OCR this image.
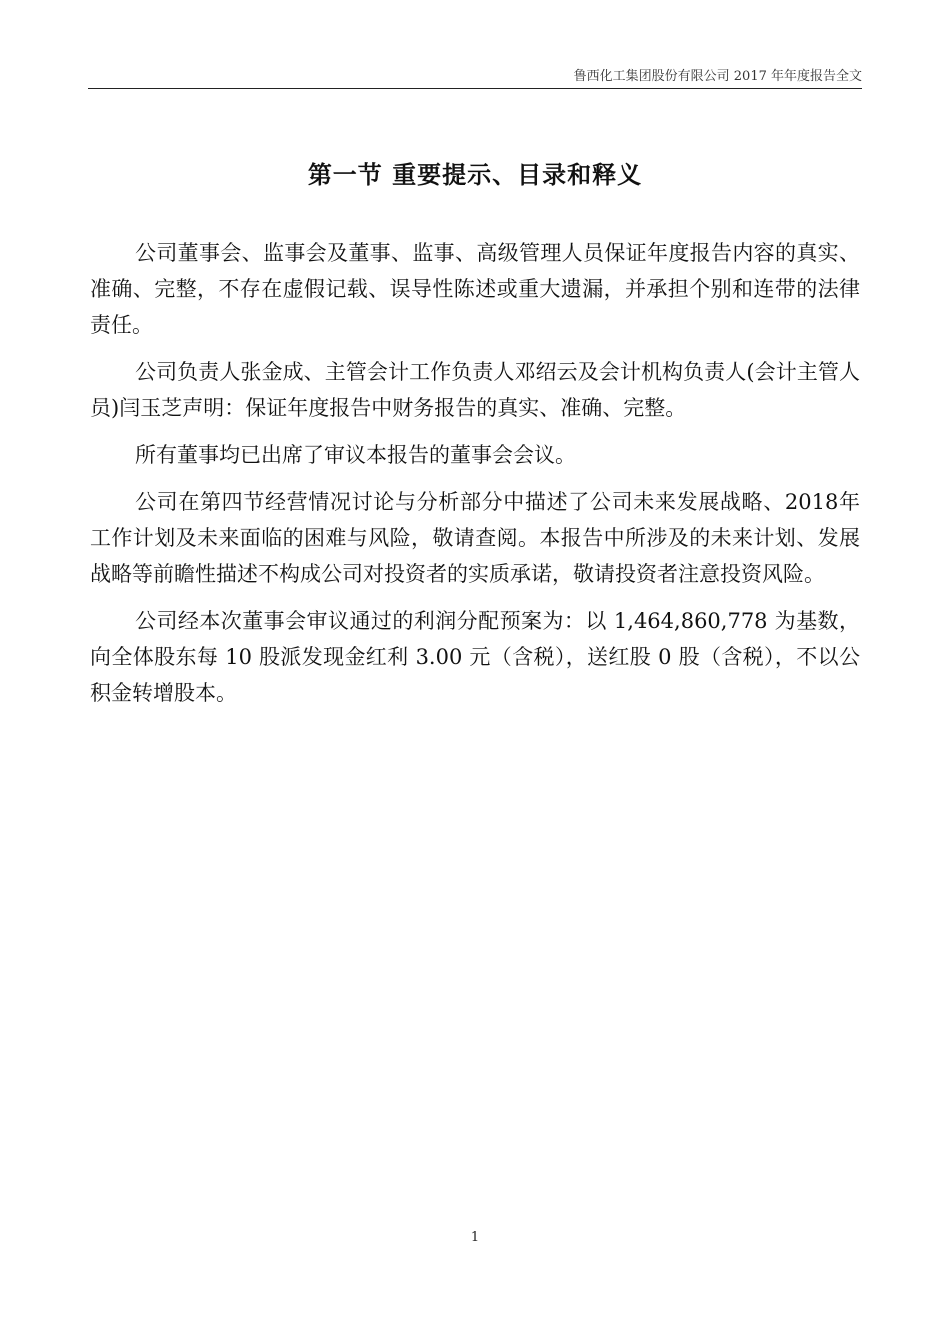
鲁西化工集团股份有限公司 2017 年年度报告全文
第一节 重要提示、目录和释义

公司董事会、监事会及董事、监事、高级管理人员保证年度报告内容的真实、准确、完整，不存在虚假记载、误导性陈述或重大遗漏，并承担个别和连带的法律责任。

公司负责人张金成、主管会计工作负责人邓绍云及会计机构负责人(会计主管人员)闫玉芝声明：保证年度报告中财务报告的真实、准确、完整。

所有董事均已出席了审议本报告的董事会会议。

公司在第四节经营情况讨论与分析部分中描述了公司未来发展战略、2018年工作计划及未来面临的困难与风险，敬请查阅。本报告中所涉及的未来计划、发展战略等前瞻性描述不构成公司对投资者的实质承诺，敬请投资者注意投资风险。

公司经本次董事会审议通过的利润分配预案为：以 1,464,860,778 为基数，向全体股东每 10 股派发现金红利 3.00 元（含税），送红股 0 股（含税），不以公积金转增股本。

1
